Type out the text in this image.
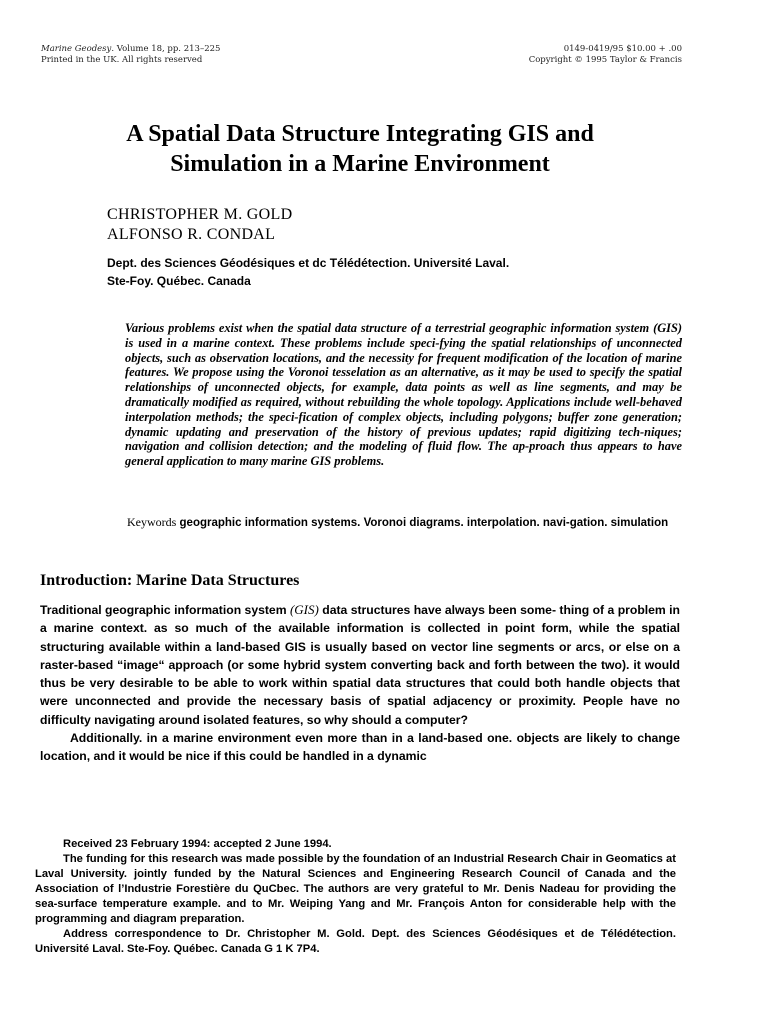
Marine Geodesy. Volume 18, pp. 213–225
Printed in the UK. All rights reserved
0149-0419/95 $10.00 + .00
Copyright © 1995 Taylor & Francis
A Spatial Data Structure Integrating GIS and
Simulation in a Marine Environment
CHRISTOPHER M. GOLD
ALFONSO R. CONDAL
Dept. des Sciences Géodésiques et dc Télédétection. Université Laval.
Ste-Foy. Québec. Canada
Various problems exist when the spatial data structure of a terrestrial geographic information system (GIS) is used in a marine context. These problems include speci-fying the spatial relationships of unconnected objects, such as observation locations, and the necessity for frequent modification of the location of marine features. We propose using the Voronoi tesselation as an alternative, as it may be used to specify the spatial relationships of unconnected objects, for example, data points as well as line segments, and may be dramatically modified as required, without rebuilding the whole topology. Applications include well-behaved interpolation methods; the speci-fication of complex objects, including polygons; buffer zone generation; dynamic updating and preservation of the history of previous updates; rapid digitizing tech-niques; navigation and collision detection; and the modeling of fluid flow. The ap-proach thus appears to have general application to many marine GIS problems.
Keywords geographic information systems. Voronoi diagrams. interpolation. navi-gation. simulation
Introduction: Marine Data Structures

Traditional geographic information system (GIS) data structures have always been some- thing of a problem in a marine context. as so much of the available information is collected in point form, while the spatial structuring available within a land-based GIS is usually based on vector line segments or arcs, or else on a raster-based “image“ approach (or some hybrid system converting back and forth between the two). it would thus be very desirable to be able to work within spatial data structures that could both handle objects that were unconnected and provide the necessary basis of spatial adjacency or proximity. People have no difficulty navigating around isolated features, so why should a computer?

Additionally. in a marine environment even more than in a land-based one. objects are likely to change location, and it would be nice if this could be handled in a dynamic

Received 23 February 1994: accepted 2 June 1994.

The funding for this research was made possible by the foundation of an Industrial Research Chair in Geomatics at Laval University. jointly funded by the Natural Sciences and Engineering Research Council of Canada and the Association of l’Industrie Forestière du QuCbec. The authors are very grateful to Mr. Denis Nadeau for providing the sea-surface temperature example. and to Mr. Weiping Yang and Mr. François Anton for considerable help with the programming and diagram preparation.

Address correspondence to Dr. Christopher M. Gold. Dept. des Sciences Géodésiques et de Télédétection. Université Laval. Ste-Foy. Québec. Canada G 1 K 7P4.
